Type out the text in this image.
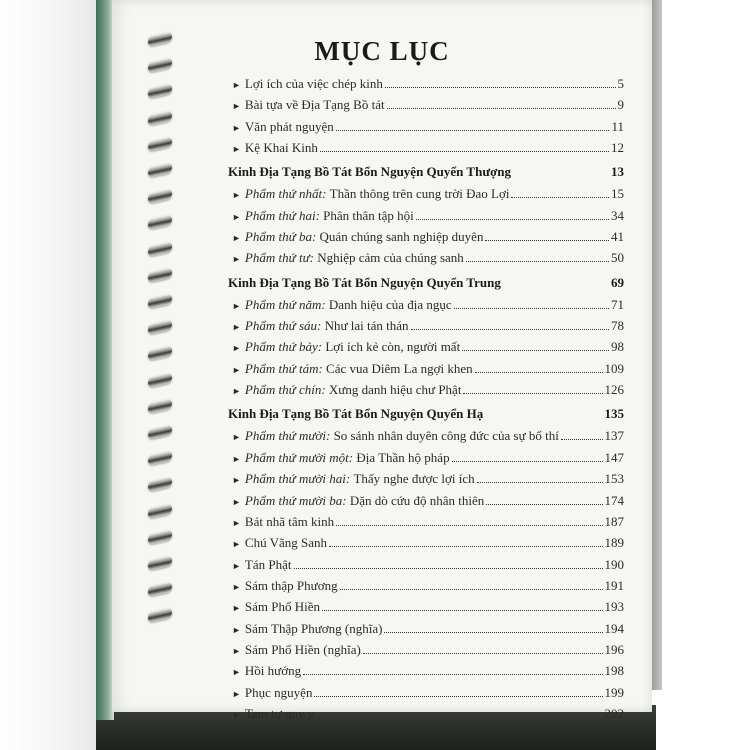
MỤC LỤC
► Lợi ích của việc chép kinh	5
► Bài tựa về Địa Tạng Bồ tát	9
► Văn phát nguyện	11
► Kệ Khai Kinh	12
Kinh Địa Tạng Bồ Tát Bổn Nguyện Quyển Thượng	13
► Phẩm thứ nhất: Thần thông trên cung trời Đao Lợi	15
► Phẩm thứ hai: Phân thân tập hội	34
► Phẩm thứ ba: Quán chúng sanh nghiệp duyên	41
► Phẩm thứ tư: Nghiệp cảm của chúng sanh	50
Kinh Địa Tạng Bồ Tát Bổn Nguyện Quyển Trung	69
► Phẩm thứ năm: Danh hiệu của địa ngục	71
► Phẩm thứ sáu: Như lai tán thán	78
► Phẩm thứ bảy: Lợi ích kẻ còn, người mất	98
► Phẩm thứ tám: Các vua Diêm La ngợi khen	109
► Phẩm thứ chín: Xưng danh hiệu chư Phật	126
Kinh Địa Tạng Bồ Tát Bổn Nguyện Quyển Hạ	135
► Phẩm thứ mười: So sánh nhân duyên công đức của sự bố thí	137
► Phẩm thứ mười một: Địa Thần hộ pháp	147
► Phẩm thứ mười hai: Thấy nghe được lợi ích	153
► Phẩm thứ mười ba: Dặn dò cứu độ nhân thiên	174
► Bát nhã tâm kinh	187
► Chú Vãng Sanh	189
► Tán Phật	190
► Sám thập Phương	191
► Sám Phổ Hiền	193
► Sám Thập Phương (nghĩa)	194
► Sám Phổ Hiền (nghĩa)	196
► Hồi hướng	198
► Phục nguyện	199
► Tam tự quy y	202
